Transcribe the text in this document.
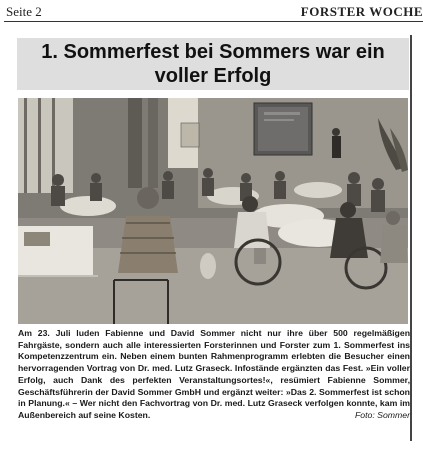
Seite 2	FORSTER WOCHE
1. Sommerfest bei Sommers war ein voller Erfolg

Am 23. Juli luden Fabienne und David Sommer nicht nur ihre über 500 regelmäßigen Fahrgäste, sondern auch alle interessierten Forsterinnen und Forster zum 1. Sommerfest ins Kompetenzzentrum ein. Neben einem bunten Rahmenprogramm erlebten die Besucher einen hervorragenden Vortrag von Dr. med. Lutz Graseck. Infostände ergänzten das Fest. »Ein voller Erfolg, auch Dank des perfekten Veranstaltungsortes!«, resümiert Fabienne Sommer, Geschäftsführerin der David Sommer GmbH und ergänzt weiter: »Das 2. Sommerfest ist schon in Planung.« – Wer nicht den Fachvortrag von Dr. med. Lutz Graseck verfolgen konnte, kam im Außenbereich auf seine Kosten.	Foto: Sommer
